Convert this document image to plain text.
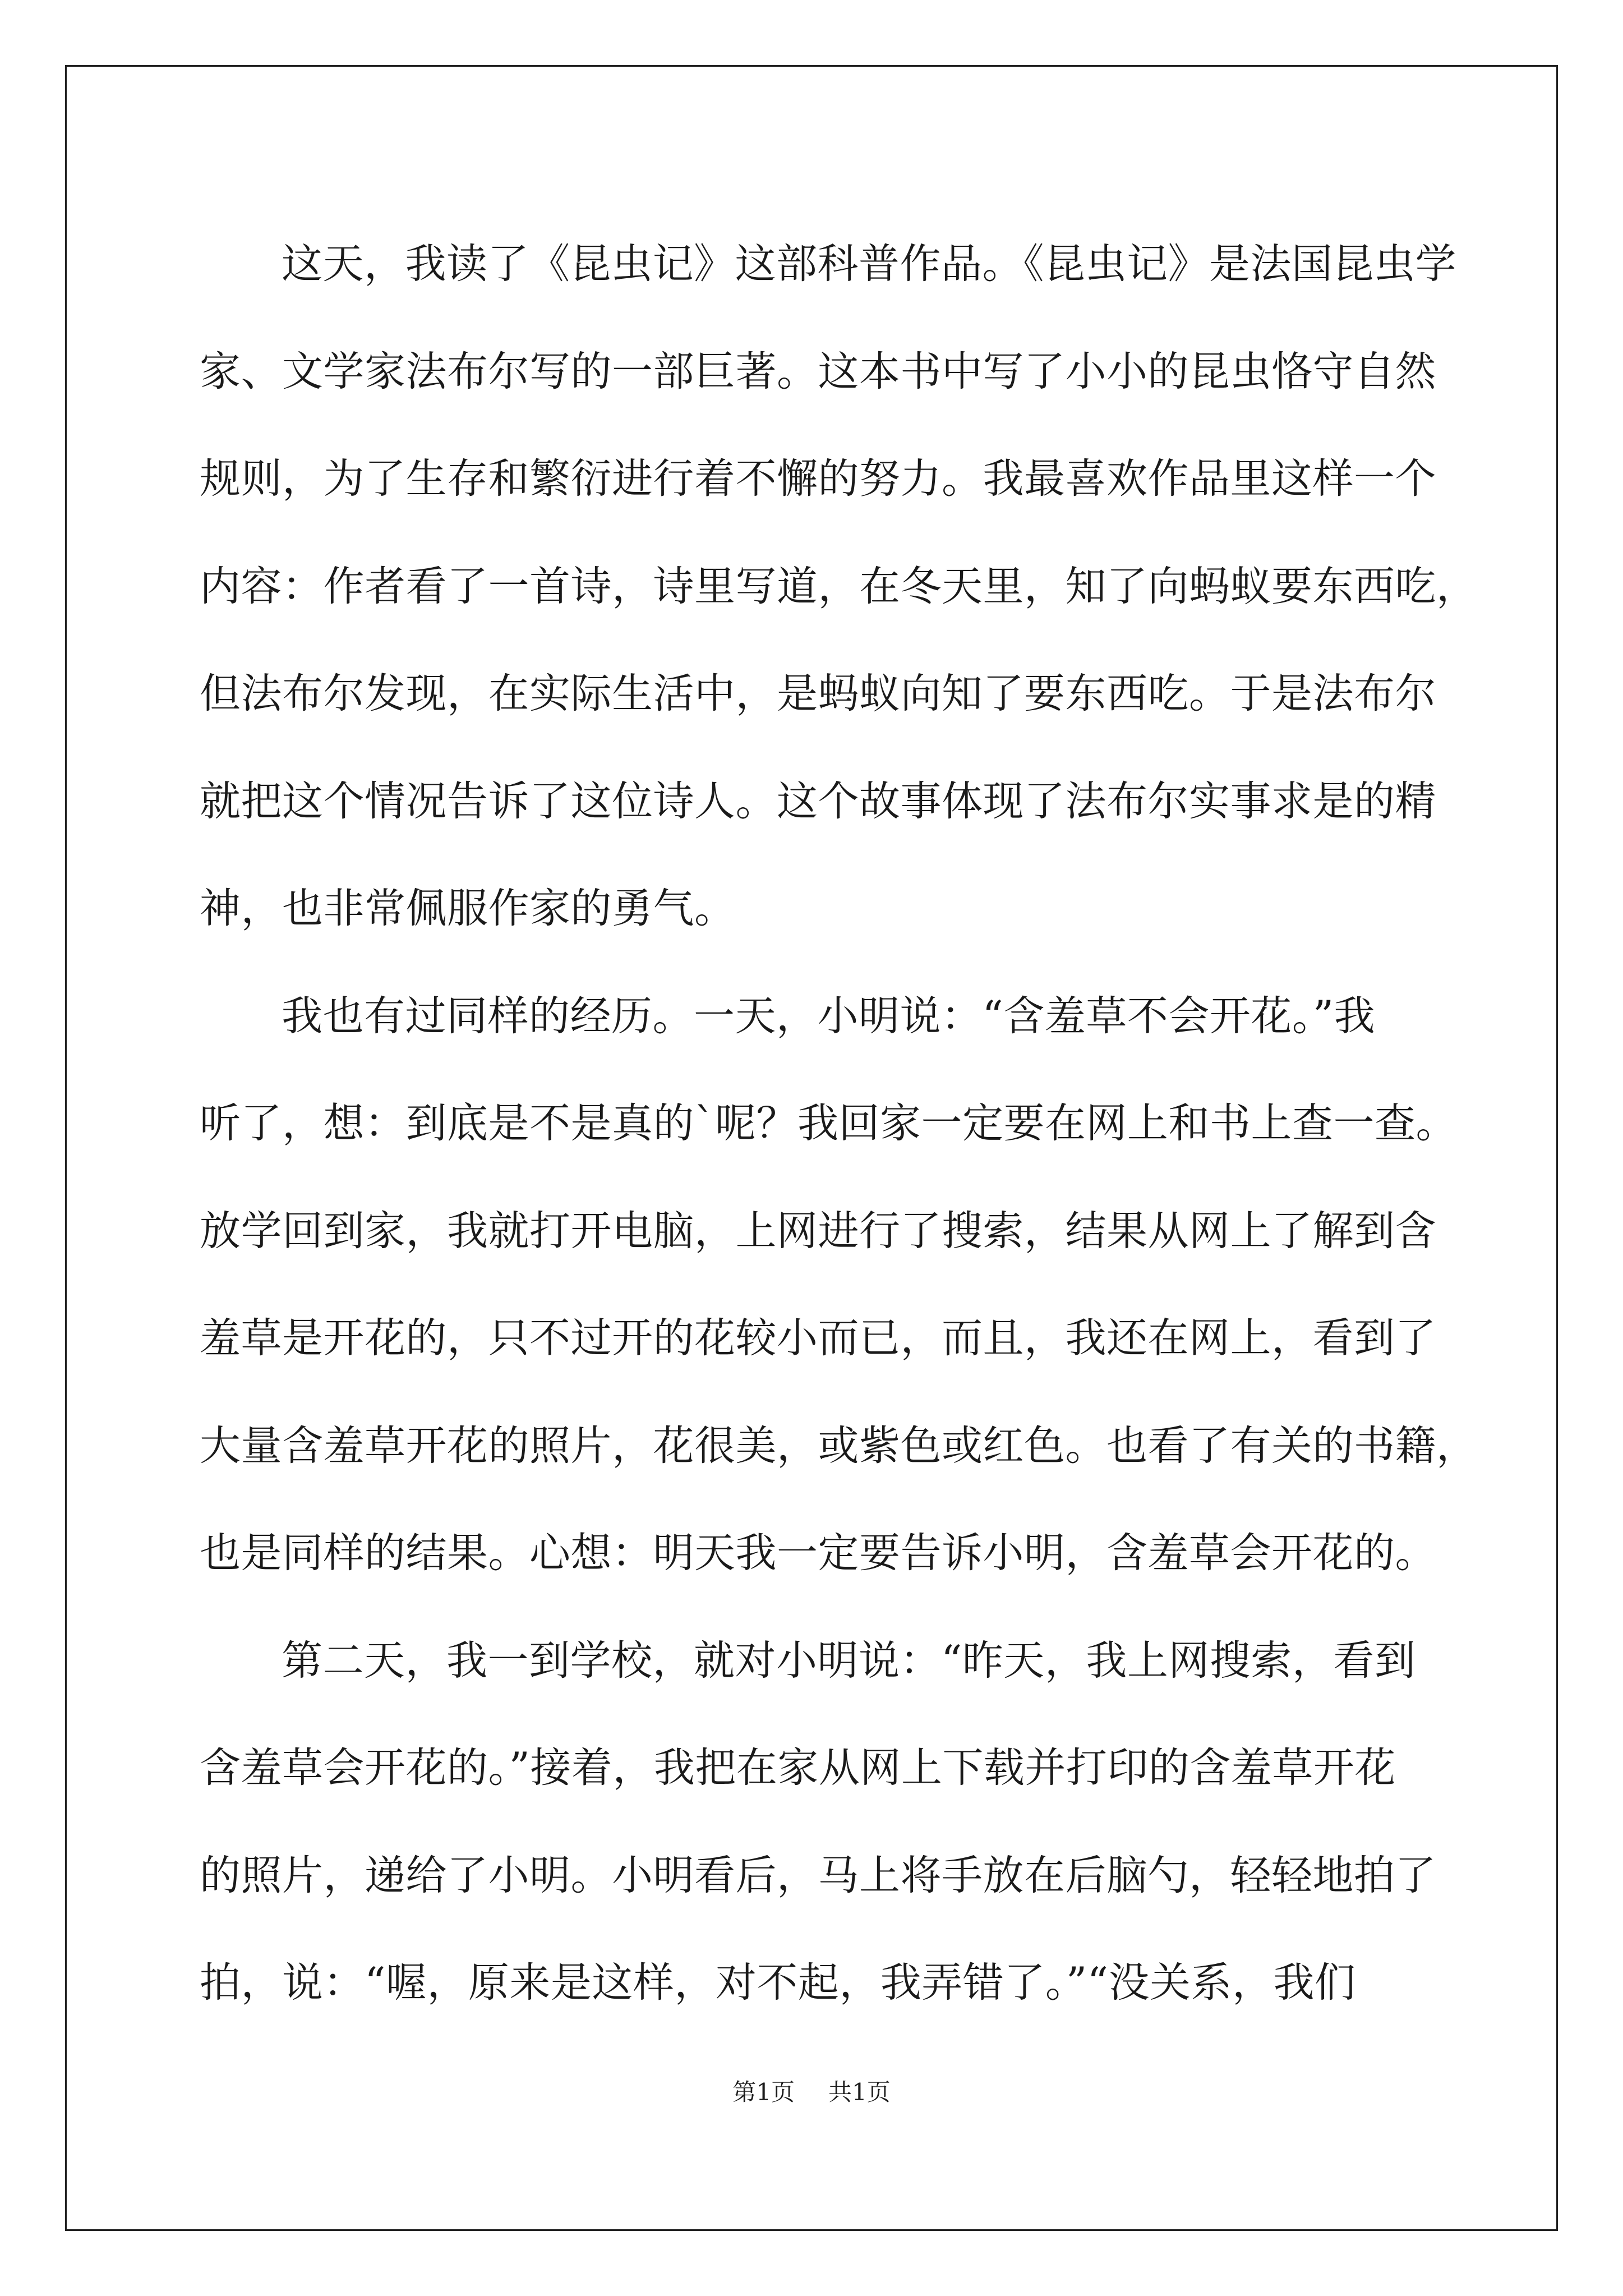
这天，我读了《昆虫记》这部科普作品。《昆虫记》是法国昆虫学
家、文学家法布尔写的一部巨著。这本书中写了小小的昆虫恪守自然
规则，为了生存和繁衍进行着不懈的努力。我最喜欢作品里这样一个
内容：作者看了一首诗，诗里写道，在冬天里，知了向蚂蚁要东西吃，
但法布尔发现，在实际生活中，是蚂蚁向知了要东西吃。于是法布尔
就把这个情况告诉了这位诗人。这个故事体现了法布尔实事求是的精
神，也非常佩服作家的勇气。
我也有过同样的经历。一天，小明说：“含羞草不会开花。”我
听了，想：到底是不是真的`呢？我回家一定要在网上和书上查一查。
放学回到家，我就打开电脑，上网进行了搜索，结果从网上了解到含
羞草是开花的，只不过开的花较小而已，而且，我还在网上，看到了
大量含羞草开花的照片，花很美，或紫色或红色。也看了有关的书籍，
也是同样的结果。心想：明天我一定要告诉小明，含羞草会开花的。
第二天，我一到学校，就对小明说：“昨天，我上网搜索，看到
含羞草会开花的。”接着，我把在家从网上下载并打印的含羞草开花
的照片，递给了小明。小明看后，马上将手放在后脑勺，轻轻地拍了
拍，说：“喔，原来是这样，对不起，我弄错了。”“没关系，我们
第1页 共1页
